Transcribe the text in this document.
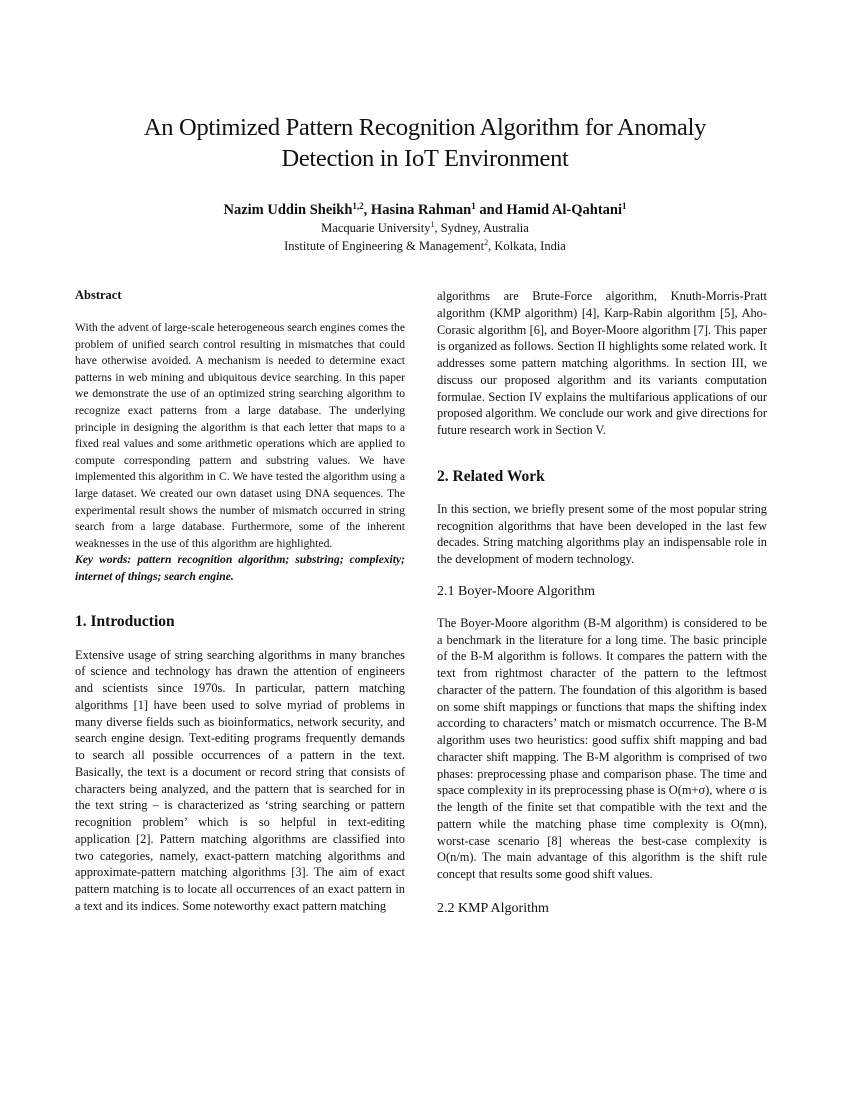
An Optimized Pattern Recognition Algorithm for Anomaly
Detection in IoT Environment
Nazim Uddin Sheikh$^{1,2}$, Hasina Rahman$^1$ and Hamid Al-Qahtani$^1$
Macquarie University$^1$, Sydney, Australia
Institute of Engineering & Management$^2$, Kolkata, India
Abstract

With the advent of large-scale heterogeneous search engines comes the problem of unified search control resulting in mismatches that could have otherwise avoided. A mechanism is needed to determine exact patterns in web mining and ubiquitous device searching. In this paper we demonstrate the use of an optimized string searching algorithm to recognize exact patterns from a large database. The underlying principle in designing the algorithm is that each letter that maps to a fixed real values and some arithmetic operations which are applied to compute corresponding pattern and substring values. We have implemented this algorithm in C. We have tested the algorithm using a large dataset. We created our own dataset using DNA sequences. The experimental result shows the number of mismatch occurred in string search from a large database. Furthermore, some of the inherent weaknesses in the use of this algorithm are highlighted.

Key words: pattern recognition algorithm; substring; complexity; internet of things; search engine.

1. Introduction

Extensive usage of string searching algorithms in many branches of science and technology has drawn the attention of engineers and scientists since 1970s. In particular, pattern matching algorithms [1] have been used to solve myriad of problems in many diverse fields such as bioinformatics, network security, and search engine design. Text-editing programs frequently demands to search all possible occurrences of a pattern in the text. Basically, the text is a document or record string that consists of characters being analyzed, and the pattern that is searched for in the text string – is characterized as ‘string searching or pattern recognition problem’ which is so helpful in text-editing application [2]. Pattern matching algorithms are classified into two categories, namely, exact-pattern matching algorithms and approximate-pattern matching algorithms [3]. The aim of exact pattern matching is to locate all occurrences of an exact pattern in a text and its indices. Some noteworthy exact pattern matching

algorithms are Brute-Force algorithm, Knuth-Morris-Pratt algorithm (KMP algorithm) [4], Karp-Rabin algorithm [5], Aho-Corasic algorithm [6], and Boyer-Moore algorithm [7]. This paper is organized as follows. Section II highlights some related work. It addresses some pattern matching algorithms. In section III, we discuss our proposed algorithm and its variants computation formulae. Section IV explains the multifarious applications of our proposed algorithm. We conclude our work and give directions for future research work in Section V.

2. Related Work

In this section, we briefly present some of the most popular string recognition algorithms that have been developed in the last few decades. String matching algorithms play an indispensable role in the development of modern technology.

2.1 Boyer-Moore Algorithm

The Boyer-Moore algorithm (B-M algorithm) is considered to be a benchmark in the literature for a long time. The basic principle of the B-M algorithm is follows. It compares the pattern with the text from rightmost character of the pattern to the leftmost character of the pattern. The foundation of this algorithm is based on some shift mappings or functions that maps the shifting index according to characters’ match or mismatch occurrence. The B-M algorithm uses two heuristics: good suffix shift mapping and bad character shift mapping. The B-M algorithm is comprised of two phases: preprocessing phase and comparison phase. The time and space complexity in its preprocessing phase is O(m+σ), where σ is the length of the finite set that compatible with the text and the pattern while the matching phase time complexity is O(mn), worst-case scenario [8] whereas the best-case complexity is O(n/m). The main advantage of this algorithm is the shift rule concept that results some good shift values.

2.2 KMP Algorithm
